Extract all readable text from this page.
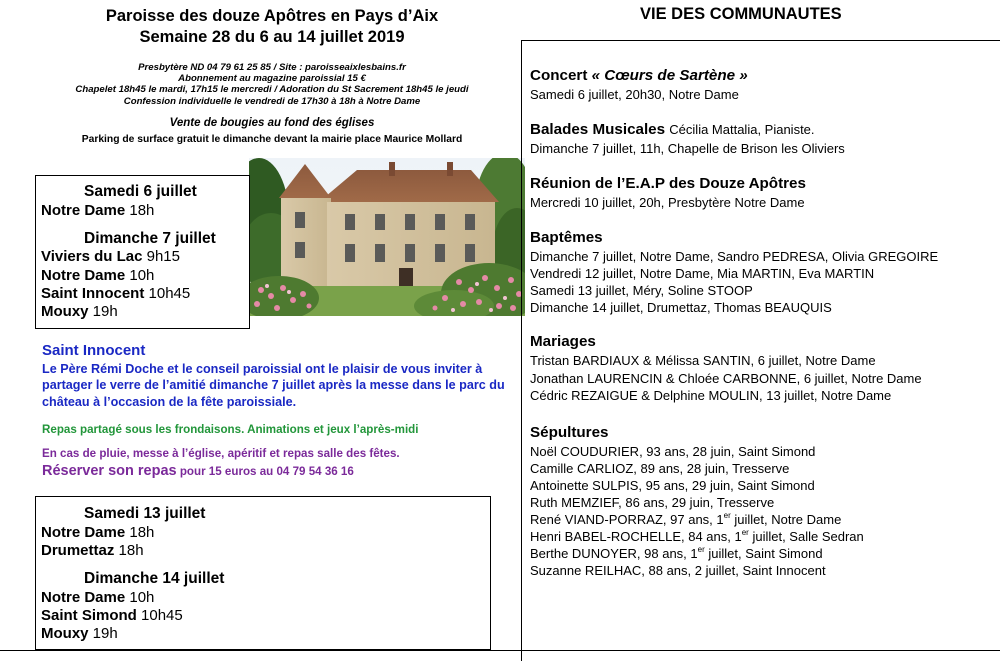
Paroisse des douze Apôtres en Pays d’Aix
Semaine 28 du 6 au 14 juillet 2019
Presbytère ND 04 79 61 25 85 / Site : paroisseaixlesbains.fr
Abonnement au magazine paroissial 15 €
Chapelet 18h45 le mardi, 17h15 le mercredi / Adoration du St Sacrement 18h45 le jeudi
Confession individuelle le vendredi de 17h30 à 18h à Notre Dame
Vente de bougies au fond des églises
Parking de surface gratuit le dimanche devant la mairie place Maurice Mollard
Samedi 6 juillet
Notre Dame 18h
Dimanche 7 juillet
Viviers du Lac 9h15
Notre Dame 10h
Saint Innocent 10h45
Mouxy 19h
Saint Innocent
Le Père Rémi Doche et le conseil paroissial ont le plaisir de vous inviter à partager le verre de l’amitié dimanche 7 juillet après la messe dans le parc du château à l’occasion de la fête paroissiale.
Repas partagé sous les frondaisons. Animations et jeux l’après-midi
En cas de pluie, messe à l’église, apéritif et repas salle des fêtes.
Réserver son repas pour 15 euros au 04 79 54 36 16
Samedi 13 juillet
Notre Dame 18h
Drumettaz 18h
Dimanche 14 juillet
Notre Dame 10h
Saint Simond 10h45
Mouxy 19h
VIE DES COMMUNAUTES
Concert « Cœurs de Sartène »
Samedi 6 juillet, 20h30, Notre Dame
Balades Musicales Cécilia Mattalia, Pianiste.
Dimanche 7 juillet, 11h, Chapelle de Brison les Oliviers
Réunion de l’E.A.P des Douze Apôtres
Mercredi 10 juillet, 20h, Presbytère Notre Dame
Baptêmes
Dimanche 7 juillet, Notre Dame, Sandro PEDRESA, Olivia GREGOIRE
Vendredi 12 juillet, Notre Dame, Mia MARTIN, Eva MARTIN
Samedi 13 juillet, Méry, Soline STOOP
Dimanche 14 juillet, Drumettaz, Thomas BEAUQUIS
Mariages
Tristan BARDIAUX & Mélissa SANTIN, 6 juillet, Notre Dame
Jonathan LAURENCIN & Chloée CARBONNE, 6 juillet, Notre Dame
Cédric REZAIGUE & Delphine MOULIN, 13 juillet, Notre Dame
Sépultures
Noël COUDURIER, 93 ans, 28 juin, Saint Simond
Camille CARLIOZ, 89 ans, 28 juin, Tresserve
Antoinette SULPIS, 95 ans, 29 juin, Saint Simond
Ruth MEMZIEF, 86 ans, 29 juin, Tresserve
René VIAND-PORRAZ, 97 ans, 1er juillet, Notre Dame
Henri BABEL-ROCHELLE, 84 ans, 1er juillet, Salle Sedran
Berthe DUNOYER, 98 ans, 1er juillet, Saint Simond
Suzanne REILHAC, 88 ans, 2 juillet, Saint Innocent
